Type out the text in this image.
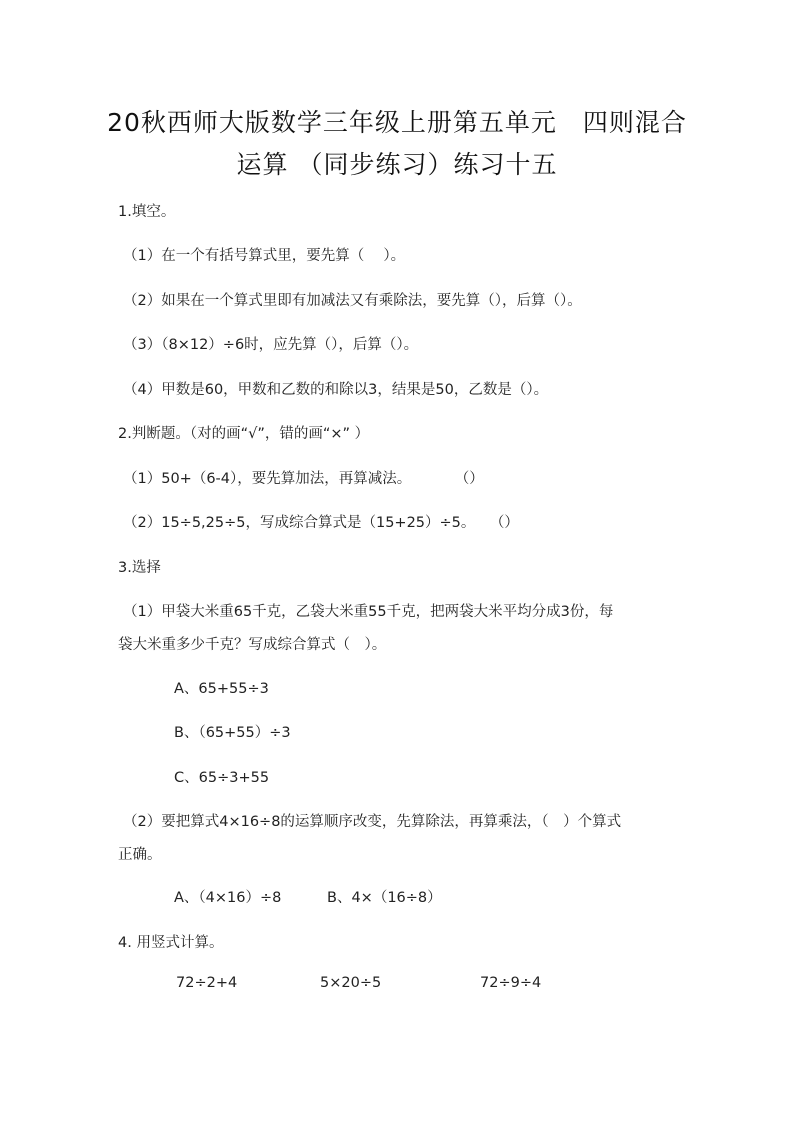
20秋西师大版数学三年级上册第五单元　四则混合
运算 （同步练习）练习十五
1.填空。
（1）在一个有括号算式里，要先算（　 ）。
（2）如果在一个算式里即有加减法又有乘除法，要先算（），后算（）。
（3）（8×12）÷6时，应先算（），后算（）。
（4）甲数是60，甲数和乙数的和除以3，结果是50，乙数是（）。
2.判断题。（对的画“√”，错的画“×” ）
（1）50+（6-4），要先算加法，再算减法。　　　　（）
（2）15÷5,25÷5，写成综合算式是（15+25）÷5。　　（）
3.选择
（1）甲袋大米重65千克，乙袋大米重55千克，把两袋大米平均分成3份，每
袋大米重多少千克？写成综合算式（　）。
A、65+55÷3
B、（65+55）÷3
C、65÷3+55
（2）要把算式4×16÷8的运算顺序改变，先算除法，再算乘法，（　）个算式
正确。
A、（4×16）÷8	B、4×（16÷8）
4. 用竖式计算。
72÷2+4	5×20÷5	72÷9÷4
